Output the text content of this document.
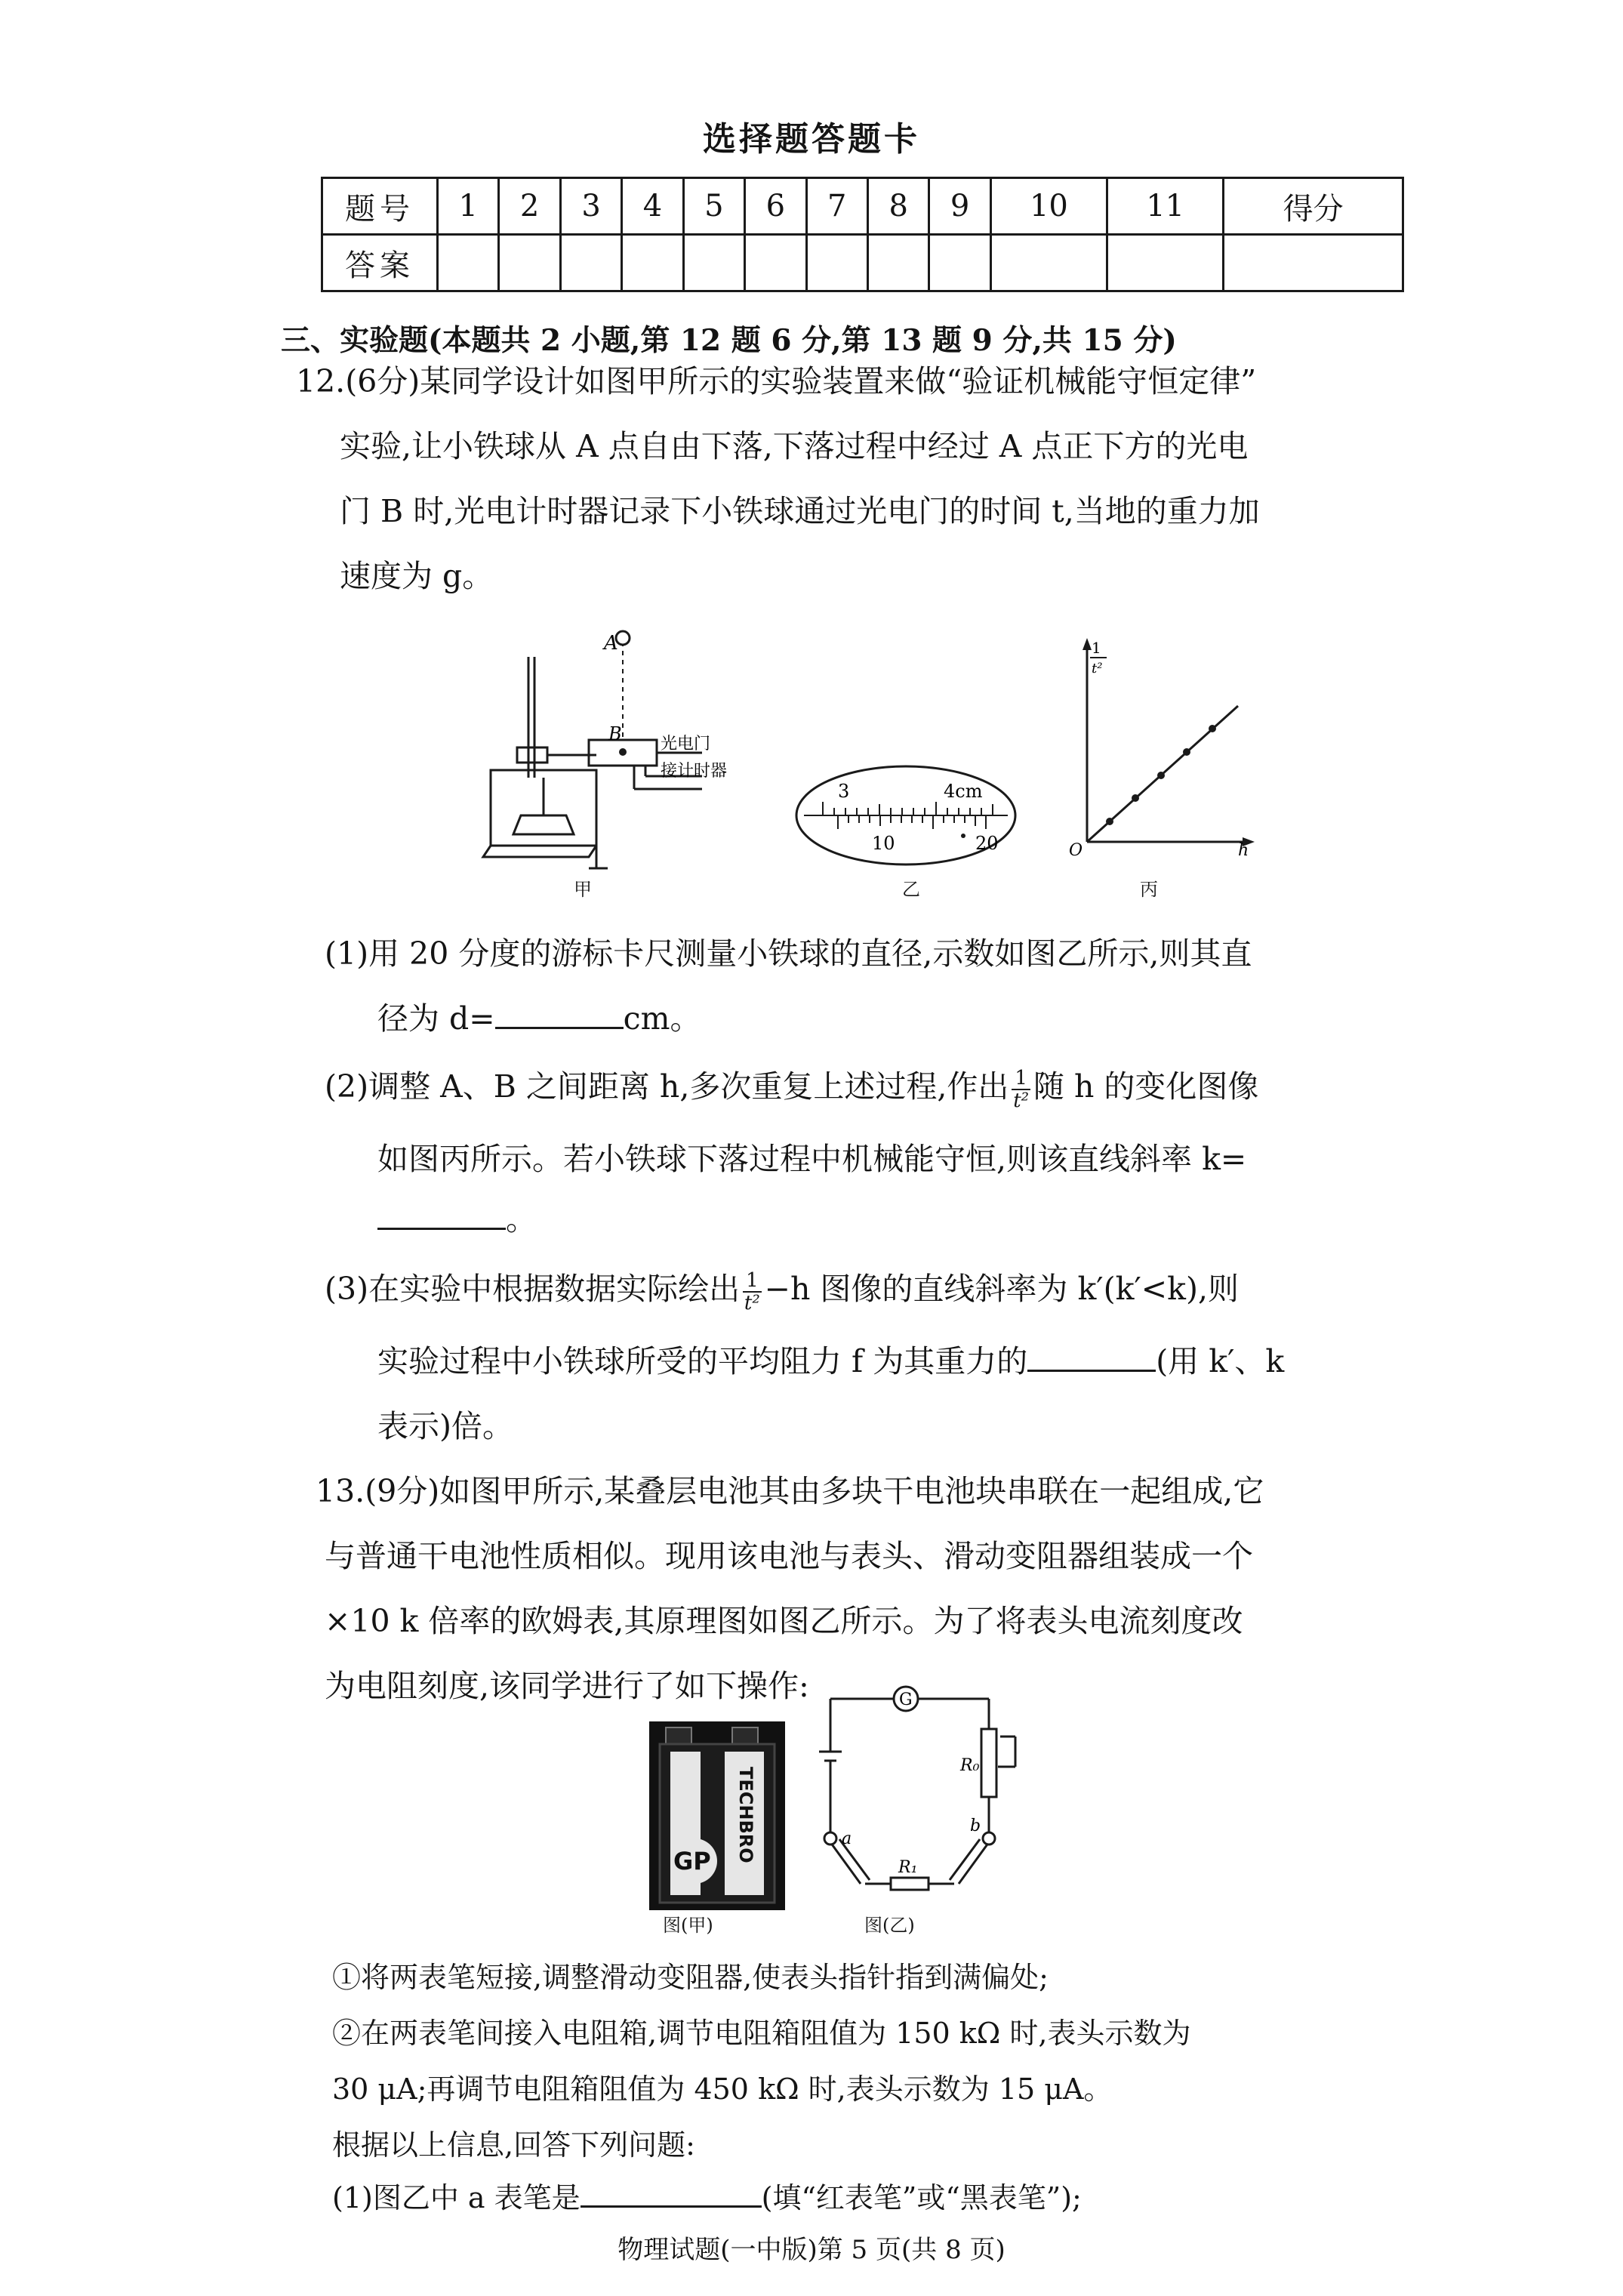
选择题答题卡
题号	1	2	3	4	5	6	7	8	9	10	11	得分
答案												
三、实验题(本题共 2 小题,第 12 题 6 分,第 13 题 9 分,共 15 分)
12.(6分)某同学设计如图甲所示的实验装置来做“验证机械能守恒定律”
实验,让小铁球从 A 点自由下落,下落过程中经过 A 点正下方的光电
门 B 时,光电计时器记录下小铁球通过光电门的时间 t,当地的重力加
速度为 g。
A
B 光电门
接计时器
甲
3	4cm
10	20
乙
1
t²
O	h
丙
(1)用 20 分度的游标卡尺测量小铁球的直径,示数如图乙所示,则其直
径为 d=	cm。
(2)调整 A、B 之间距离 h,多次重复上述过程,作出 $\frac{1}{\text{t²}}$ 随 h 的变化图像
如图丙所示。若小铁球下落过程中机械能守恒,则该直线斜率 k=
。
(3)在实验中根据数据实际绘出 $\frac{1}{\text{t²}} -h$ 图像的直线斜率为 k′(k′<k),则
实验过程中小铁球所受的平均阻力 f 为其重力的	(用 k′、k
表示)倍。
13.(9分)如图甲所示,某叠层电池其由多块干电池块串联在一起组成,它
与普通干电池性质相似。现用该电池与表头、滑动变阻器组装成一个
×10 k 倍率的欧姆表,其原理图如图乙所示。为了将表头电流刻度改
为电阻刻度,该同学进行了如下操作:
TECHBRO
GP
图(甲)
G
R₀
R₁
a
b
图(乙)
①将两表笔短接,调整滑动变阻器,使表头指针指到满偏处;
②在两表笔间接入电阻箱,调节电阻箱阻值为 150 kΩ 时,表头示数为
30 μA;再调节电阻箱阻值为 450 kΩ 时,表头示数为 15 μA。
根据以上信息,回答下列问题:
(1)图乙中 a 表笔是	(填“红表笔”或“黑表笔”);
物理试题(一中版)第 5 页(共 8 页)
